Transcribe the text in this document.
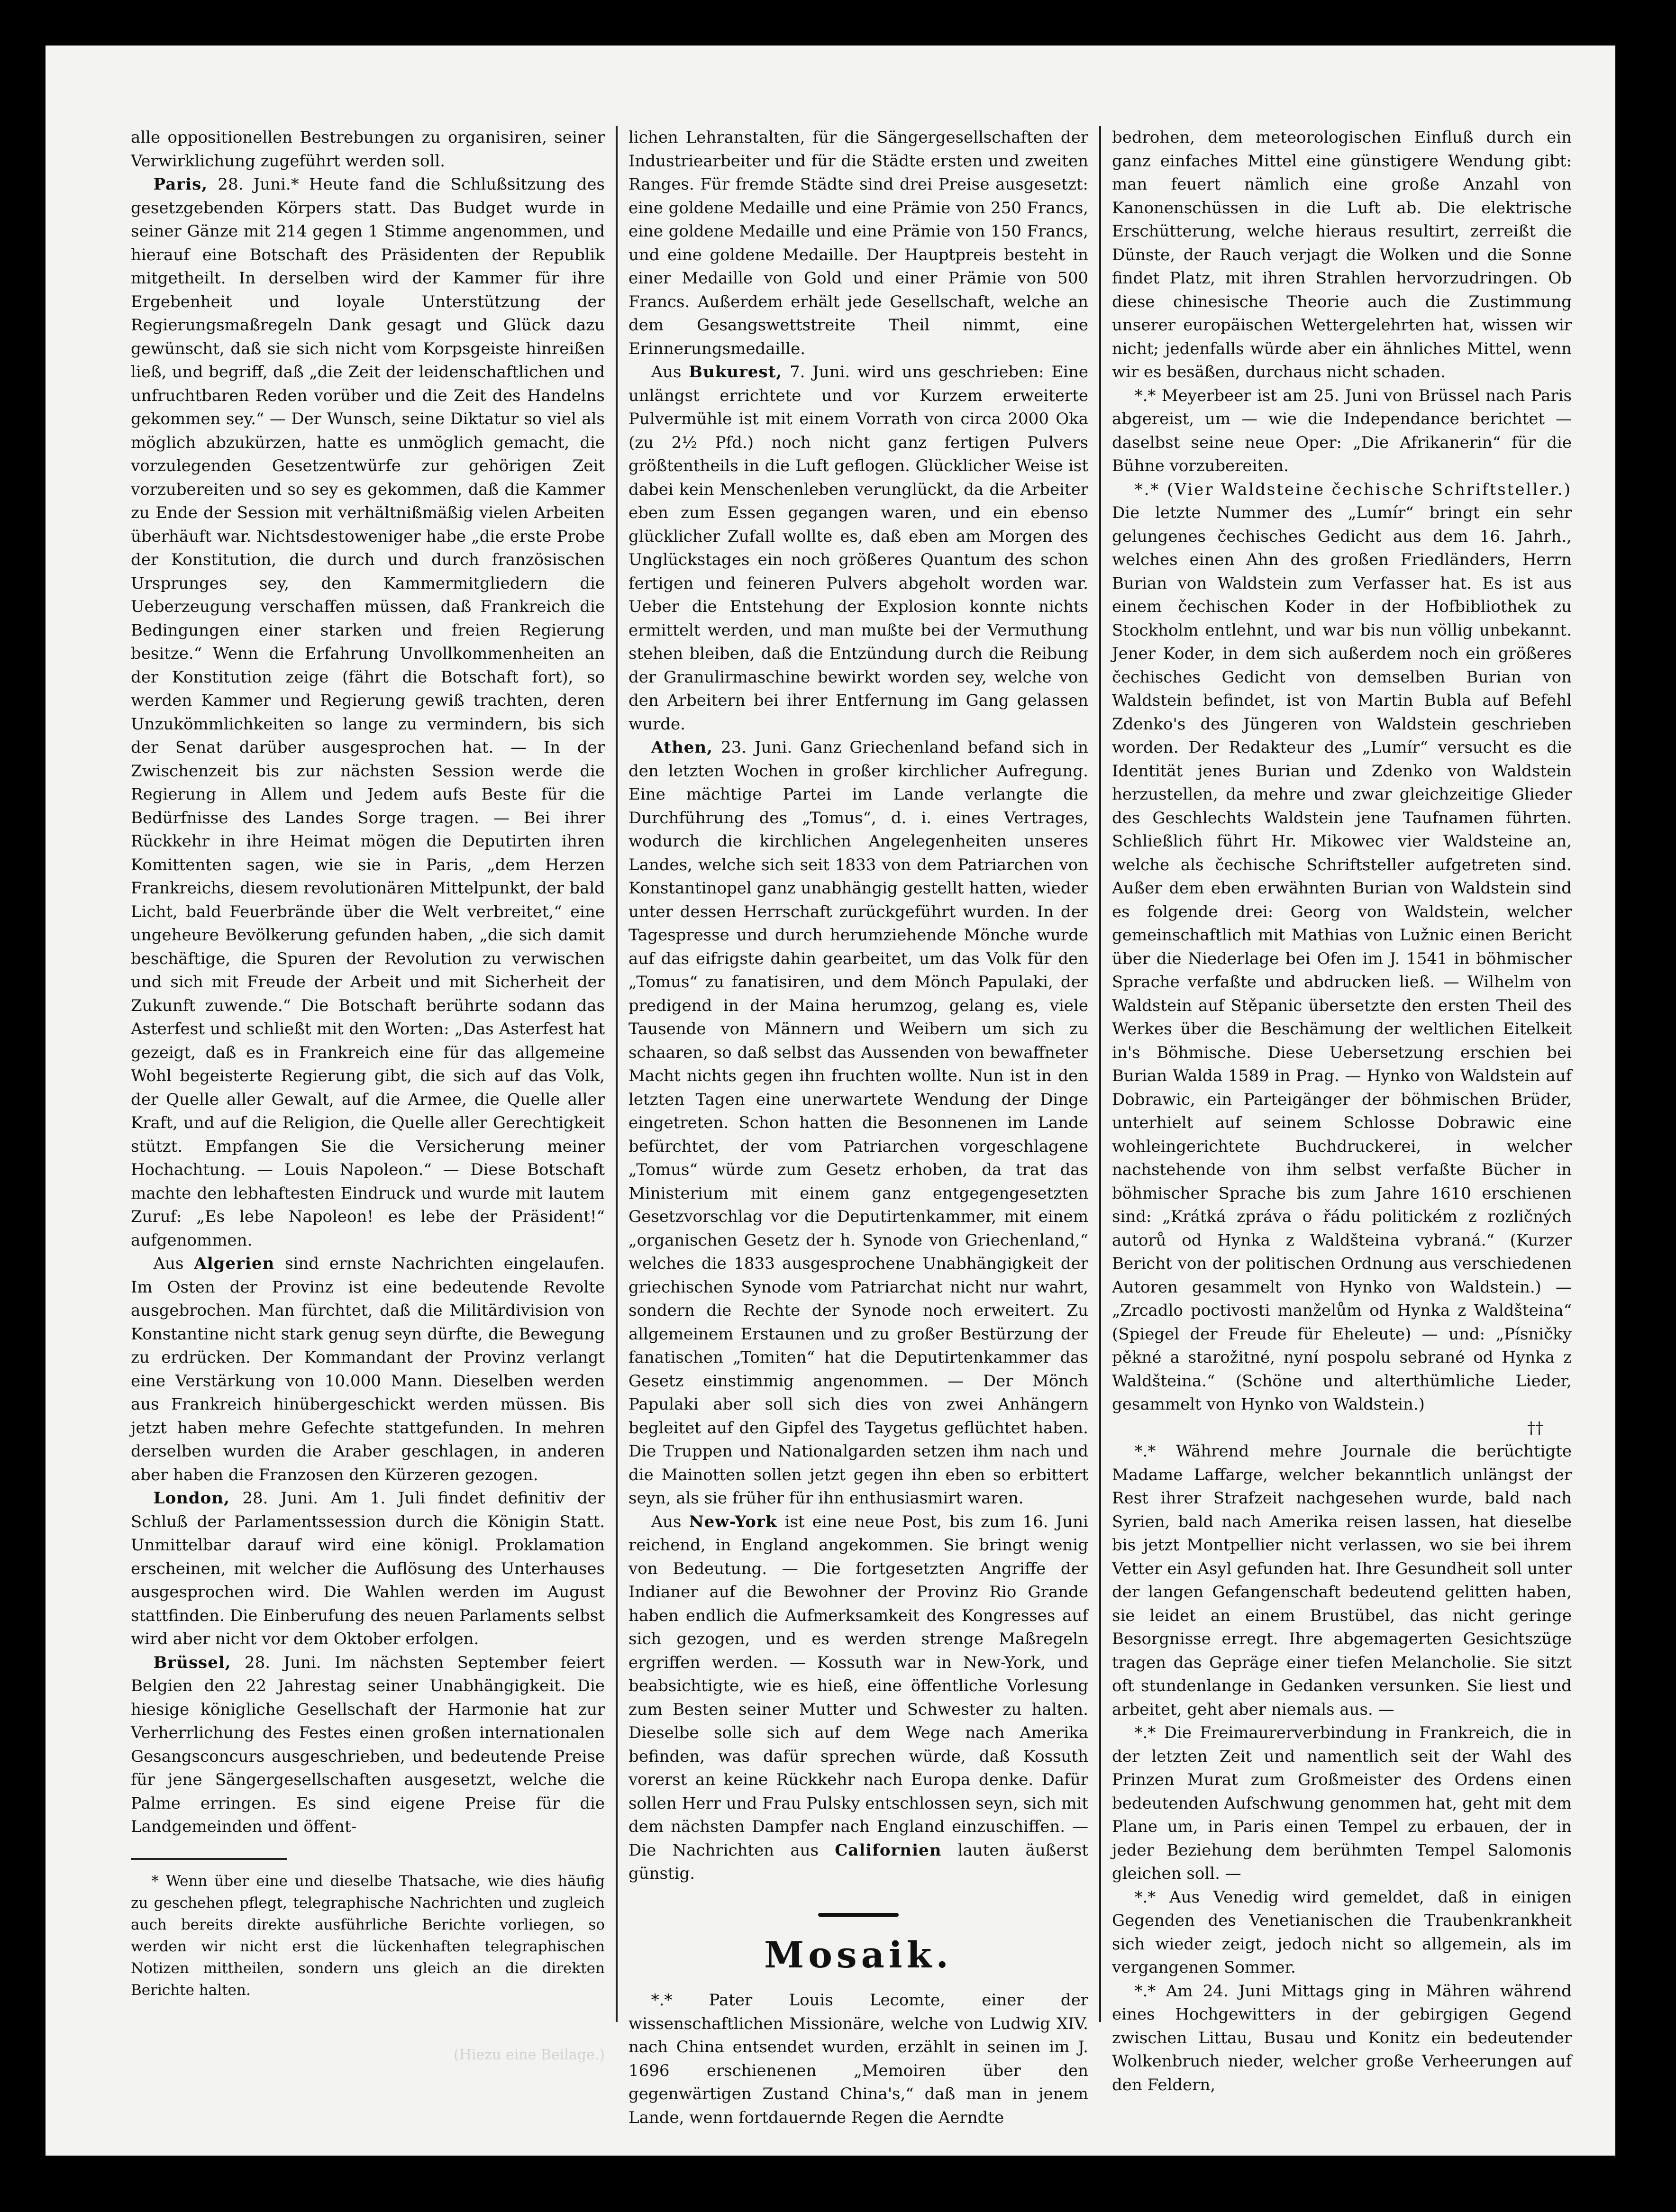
alle oppositionellen Bestrebungen zu organisiren, seiner Verwirklichung zugeführt werden soll.

Paris, 28. Juni.* Heute fand die Schlußsitzung des gesetzgebenden Körpers statt. Das Budget wurde in seiner Gänze mit 214 gegen 1 Stimme angenommen, und hierauf eine Botschaft des Präsidenten der Republik mitgetheilt. In derselben wird der Kammer für ihre Ergebenheit und loyale Unterstützung der Regierungsmaßregeln Dank gesagt und Glück dazu gewünscht, daß sie sich nicht vom Korpsgeiste hinreißen ließ, und begriff, daß „die Zeit der leidenschaftlichen und unfruchtbaren Reden vorüber und die Zeit des Handelns gekommen sey.“ — Der Wunsch, seine Diktatur so viel als möglich abzukürzen, hatte es unmöglich gemacht, die vorzulegenden Gesetzentwürfe zur gehörigen Zeit vorzubereiten und so sey es gekommen, daß die Kammer zu Ende der Session mit verhältnißmäßig vielen Arbeiten überhäuft war. Nichtsdestoweniger habe „die erste Probe der Konstitution, die durch und durch französischen Ursprunges sey, den Kammermitgliedern die Ueberzeugung verschaffen müssen, daß Frankreich die Bedingungen einer starken und freien Regierung besitze.“ Wenn die Erfahrung Unvollkommenheiten an der Konstitution zeige (fährt die Botschaft fort), so werden Kammer und Regierung gewiß trachten, deren Unzukömmlichkeiten so lange zu vermindern, bis sich der Senat darüber ausgesprochen hat. — In der Zwischenzeit bis zur nächsten Session werde die Regierung in Allem und Jedem aufs Beste für die Bedürfnisse des Landes Sorge tragen. — Bei ihrer Rückkehr in ihre Heimat mögen die Deputirten ihren Komittenten sagen, wie sie in Paris, „dem Herzen Frankreichs, diesem revolutionären Mittelpunkt, der bald Licht, bald Feuerbrände über die Welt verbreitet,“ eine ungeheure Bevölkerung gefunden haben, „die sich damit beschäftige, die Spuren der Revolution zu verwischen und sich mit Freude der Arbeit und mit Sicherheit der Zukunft zuwende.“ Die Botschaft berührte sodann das Asterfest und schließt mit den Worten: „Das Asterfest hat gezeigt, daß es in Frankreich eine für das allgemeine Wohl begeisterte Regierung gibt, die sich auf das Volk, der Quelle aller Gewalt, auf die Armee, die Quelle aller Kraft, und auf die Religion, die Quelle aller Gerechtigkeit stützt. Empfangen Sie die Versicherung meiner Hochachtung. — Louis Napoleon.“ — Diese Botschaft machte den lebhaftesten Eindruck und wurde mit lautem Zuruf: „Es lebe Napoleon! es lebe der Präsident!“ aufgenommen.

Aus Algerien sind ernste Nachrichten eingelaufen. Im Osten der Provinz ist eine bedeutende Revolte ausgebrochen. Man fürchtet, daß die Militärdivision von Konstantine nicht stark genug seyn dürfte, die Bewegung zu erdrücken. Der Kommandant der Provinz verlangt eine Verstärkung von 10.000 Mann. Dieselben werden aus Frankreich hinübergeschickt werden müssen. Bis jetzt haben mehre Gefechte stattgefunden. In mehren derselben wurden die Araber geschlagen, in anderen aber haben die Franzosen den Kürzeren gezogen.

London, 28. Juni. Am 1. Juli findet definitiv der Schluß der Parlamentssession durch die Königin Statt. Unmittelbar darauf wird eine königl. Proklamation erscheinen, mit welcher die Auflösung des Unterhauses ausgesprochen wird. Die Wahlen werden im August stattfinden. Die Einberufung des neuen Parlaments selbst wird aber nicht vor dem Oktober erfolgen.

Brüssel, 28. Juni. Im nächsten September feiert Belgien den 22 Jahrestag seiner Unabhängigkeit. Die hiesige königliche Gesellschaft der Harmonie hat zur Verherrlichung des Festes einen großen internationalen Gesangsconcurs ausgeschrieben, und bedeutende Preise für jene Sängergesellschaften ausgesetzt, welche die Palme erringen. Es sind eigene Preise für die Landgemeinden und öffent-

* Wenn über eine und dieselbe Thatsache, wie dies häufig zu geschehen pflegt, telegraphische Nachrichten und zugleich auch bereits direkte ausführliche Berichte vorliegen, so werden wir nicht erst die lückenhaften telegraphischen Notizen mittheilen, sondern uns gleich an die direkten Berichte halten.

lichen Lehranstalten, für die Sängergesellschaften der Industriearbeiter und für die Städte ersten und zweiten Ranges. Für fremde Städte sind drei Preise ausgesetzt: eine goldene Medaille und eine Prämie von 250 Francs, eine goldene Medaille und eine Prämie von 150 Francs, und eine goldene Medaille. Der Hauptpreis besteht in einer Medaille von Gold und einer Prämie von 500 Francs. Außerdem erhält jede Gesellschaft, welche an dem Gesangswettstreite Theil nimmt, eine Erinnerungsmedaille.

Aus Bukurest, 7. Juni. wird uns geschrieben: Eine unlängst errichtete und vor Kurzem erweiterte Pulvermühle ist mit einem Vorrath von circa 2000 Oka (zu 2½ Pfd.) noch nicht ganz fertigen Pulvers größtentheils in die Luft geflogen. Glücklicher Weise ist dabei kein Menschenleben verunglückt, da die Arbeiter eben zum Essen gegangen waren, und ein ebenso glücklicher Zufall wollte es, daß eben am Morgen des Unglückstages ein noch größeres Quantum des schon fertigen und feineren Pulvers abgeholt worden war. Ueber die Entstehung der Explosion konnte nichts ermittelt werden, und man mußte bei der Vermuthung stehen bleiben, daß die Entzündung durch die Reibung der Granulirmaschine bewirkt worden sey, welche von den Arbeitern bei ihrer Entfernung im Gang gelassen wurde.

Athen, 23. Juni. Ganz Griechenland befand sich in den letzten Wochen in großer kirchlicher Aufregung. Eine mächtige Partei im Lande verlangte die Durchführung des „Tomus“, d. i. eines Vertrages, wodurch die kirchlichen Angelegenheiten unseres Landes, welche sich seit 1833 von dem Patriarchen von Konstantinopel ganz unabhängig gestellt hatten, wieder unter dessen Herrschaft zurückgeführt wurden. In der Tagespresse und durch herumziehende Mönche wurde auf das eifrigste dahin gearbeitet, um das Volk für den „Tomus“ zu fanatisiren, und dem Mönch Papulaki, der predigend in der Maina herumzog, gelang es, viele Tausende von Männern und Weibern um sich zu schaaren, so daß selbst das Aussenden von bewaffneter Macht nichts gegen ihn fruchten wollte. Nun ist in den letzten Tagen eine unerwartete Wendung der Dinge eingetreten. Schon hatten die Besonnenen im Lande befürchtet, der vom Patriarchen vorgeschlagene „Tomus“ würde zum Gesetz erhoben, da trat das Ministerium mit einem ganz entgegengesetzten Gesetzvorschlag vor die Deputirtenkammer, mit einem „organischen Gesetz der h. Synode von Griechenland,“ welches die 1833 ausgesprochene Unabhängigkeit der griechischen Synode vom Patriarchat nicht nur wahrt, sondern die Rechte der Synode noch erweitert. Zu allgemeinem Erstaunen und zu großer Bestürzung der fanatischen „Tomiten“ hat die Deputirtenkammer das Gesetz einstimmig angenommen. — Der Mönch Papulaki aber soll sich dies von zwei Anhängern begleitet auf den Gipfel des Taygetus geflüchtet haben. Die Truppen und Nationalgarden setzen ihm nach und die Mainotten sollen jetzt gegen ihn eben so erbittert seyn, als sie früher für ihn enthusiasmirt waren.

Aus New-York ist eine neue Post, bis zum 16. Juni reichend, in England angekommen. Sie bringt wenig von Bedeutung. — Die fortgesetzten Angriffe der Indianer auf die Bewohner der Provinz Rio Grande haben endlich die Aufmerksamkeit des Kongresses auf sich gezogen, und es werden strenge Maßregeln ergriffen werden. — Kossuth war in New-York, und beabsichtigte, wie es hieß, eine öffentliche Vorlesung zum Besten seiner Mutter und Schwester zu halten. Dieselbe solle sich auf dem Wege nach Amerika befinden, was dafür sprechen würde, daß Kossuth vorerst an keine Rückkehr nach Europa denke. Dafür sollen Herr und Frau Pulsky entschlossen seyn, sich mit dem nächsten Dampfer nach England einzuschiffen. — Die Nachrichten aus Californien lauten äußerst günstig.

Mosaik.

*.* Pater Louis Lecomte, einer der wissenschaftlichen Missionäre, welche von Ludwig XIV. nach China entsendet wurden, erzählt in seinen im J. 1696 erschienenen „Memoiren über den gegenwärtigen Zustand China's,“ daß man in jenem Lande, wenn fortdauernde Regen die Aerndte

bedrohen, dem meteorologischen Einfluß durch ein ganz einfaches Mittel eine günstigere Wendung gibt: man feuert nämlich eine große Anzahl von Kanonenschüssen in die Luft ab. Die elektrische Erschütterung, welche hieraus resultirt, zerreißt die Dünste, der Rauch verjagt die Wolken und die Sonne findet Platz, mit ihren Strahlen hervorzudringen. Ob diese chinesische Theorie auch die Zustimmung unserer europäischen Wettergelehrten hat, wissen wir nicht; jedenfalls würde aber ein ähnliches Mittel, wenn wir es besäßen, durchaus nicht schaden.

*.* Meyerbeer ist am 25. Juni von Brüssel nach Paris abgereist, um — wie die Independance berichtet — daselbst seine neue Oper: „Die Afrikanerin“ für die Bühne vorzubereiten.

*.* (Vier Waldsteine čechische Schriftsteller.) Die letzte Nummer des „Lumír“ bringt ein sehr gelungenes čechisches Gedicht aus dem 16. Jahrh., welches einen Ahn des großen Friedländers, Herrn Burian von Waldstein zum Verfasser hat. Es ist aus einem čechischen Koder in der Hofbibliothek zu Stockholm entlehnt, und war bis nun völlig unbekannt. Jener Koder, in dem sich außerdem noch ein größeres čechisches Gedicht von demselben Burian von Waldstein befindet, ist von Martin Bubla auf Befehl Zdenko's des Jüngeren von Waldstein geschrieben worden. Der Redakteur des „Lumír“ versucht es die Identität jenes Burian und Zdenko von Waldstein herzustellen, da mehre und zwar gleichzeitige Glieder des Geschlechts Waldstein jene Taufnamen führten. Schließlich führt Hr. Mikowec vier Waldsteine an, welche als čechische Schriftsteller aufgetreten sind. Außer dem eben erwähnten Burian von Waldstein sind es folgende drei: Georg von Waldstein, welcher gemeinschaftlich mit Mathias von Lužnic einen Bericht über die Niederlage bei Ofen im J. 1541 in böhmischer Sprache verfaßte und abdrucken ließ. — Wilhelm von Waldstein auf Stěpanic übersetzte den ersten Theil des Werkes über die Beschämung der weltlichen Eitelkeit in's Böhmische. Diese Uebersetzung erschien bei Burian Walda 1589 in Prag. — Hynko von Waldstein auf Dobrawic, ein Parteigänger der böhmischen Brüder, unterhielt auf seinem Schlosse Dobrawic eine wohleingerichtete Buchdruckerei, in welcher nachstehende von ihm selbst verfaßte Bücher in böhmischer Sprache bis zum Jahre 1610 erschienen sind: „Krátká zpráva o řádu politickém z rozličných autorů od Hynka z Waldšteina vybraná.“ (Kurzer Bericht von der politischen Ordnung aus verschiedenen Autoren gesammelt von Hynko von Waldstein.) — „Zrcadlo poctivosti manželům od Hynka z Waldšteina“ (Spiegel der Freude für Eheleute) — und: „Písničky pěkné a starožitné, nyní pospolu sebrané od Hynka z Waldšteina.“ (Schöne und alterthümliche Lieder, gesammelt von Hynko von Waldstein.)

††

*.* Während mehre Journale die berüchtigte Madame Laffarge, welcher bekanntlich unlängst der Rest ihrer Strafzeit nachgesehen wurde, bald nach Syrien, bald nach Amerika reisen lassen, hat dieselbe bis jetzt Montpellier nicht verlassen, wo sie bei ihrem Vetter ein Asyl gefunden hat. Ihre Gesundheit soll unter der langen Gefangenschaft bedeutend gelitten haben, sie leidet an einem Brustübel, das nicht geringe Besorgnisse erregt. Ihre abgemagerten Gesichtszüge tragen das Gepräge einer tiefen Melancholie. Sie sitzt oft stundenlange in Gedanken versunken. Sie liest und arbeitet, geht aber niemals aus. —

*.* Die Freimaurerverbindung in Frankreich, die in der letzten Zeit und namentlich seit der Wahl des Prinzen Murat zum Großmeister des Ordens einen bedeutenden Aufschwung genommen hat, geht mit dem Plane um, in Paris einen Tempel zu erbauen, der in jeder Beziehung dem berühmten Tempel Salomonis gleichen soll. —

*.* Aus Venedig wird gemeldet, daß in einigen Gegenden des Venetianischen die Traubenkrankheit sich wieder zeigt, jedoch nicht so allgemein, als im vergangenen Sommer.

*.* Am 24. Juni Mittags ging in Mähren während eines Hochgewitters in der gebirgigen Gegend zwischen Littau, Busau und Konitz ein bedeutender Wolkenbruch nieder, welcher große Verheerungen auf den Feldern,

(Hiezu eine Beilage.)
